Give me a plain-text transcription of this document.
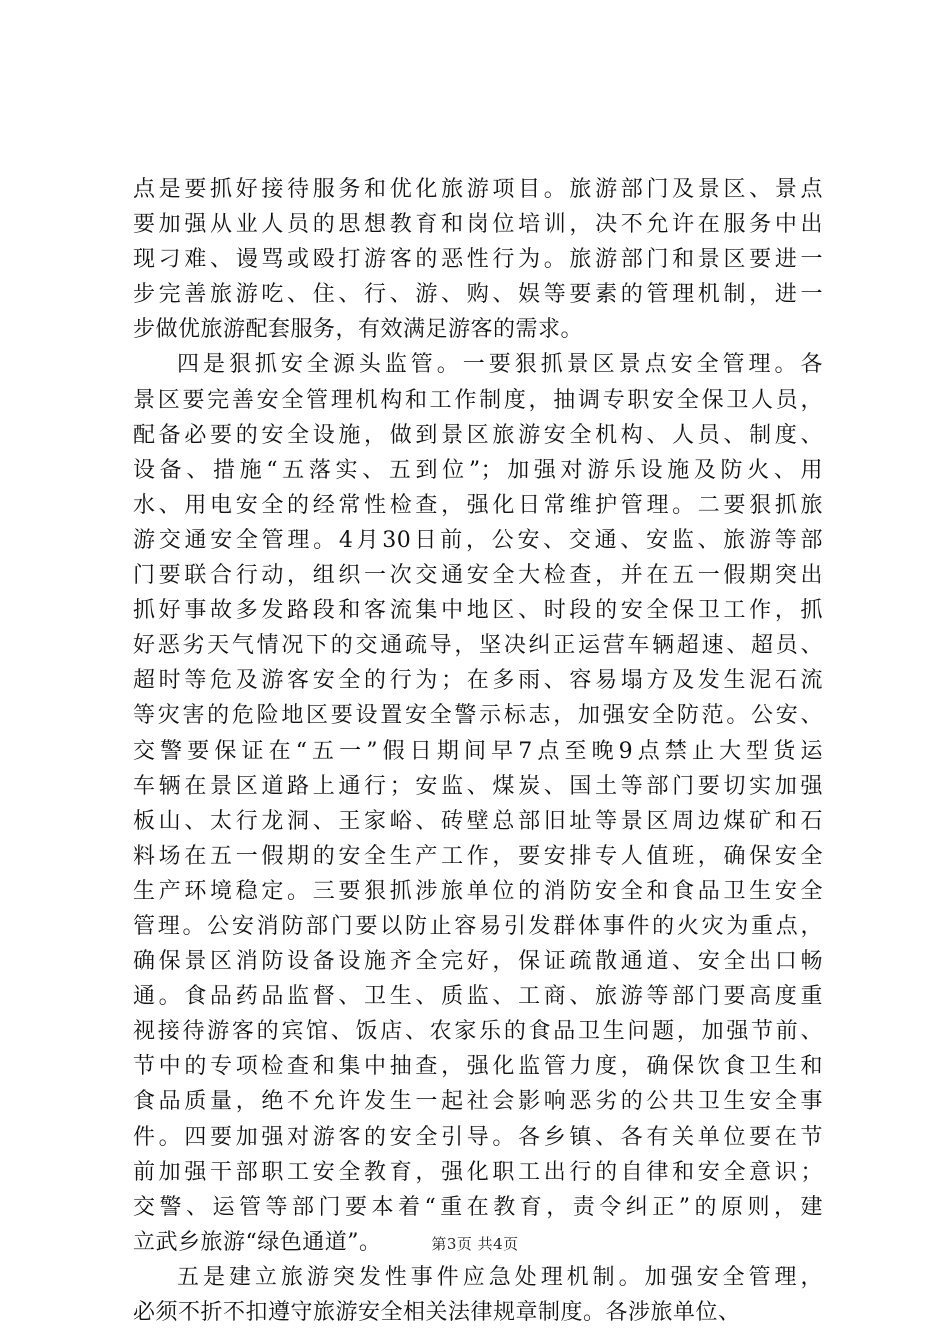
点是要抓好接待服务和优化旅游项目。旅游部门及景区、景点
要加强从业人员的思想教育和岗位培训，决不允许在服务中出
现刁难、谩骂或殴打游客的恶性行为。旅游部门和景区要进一
步完善旅游吃、住、行、游、购、娱等要素的管理机制，进一
步做优旅游配套服务，有效满足游客的需求。
四是狠抓安全源头监管。一要狠抓景区景点安全管理。各
景区要完善安全管理机构和工作制度，抽调专职安全保卫人员，
配备必要的安全设施，做到景区旅游安全机构、人员、制度、
设备、措施“五落实、五到位”；加强对游乐设施及防火、用
水、用电安全的经常性检查，强化日常维护管理。二要狠抓旅
游交通安全管理。4月30日前，公安、交通、安监、旅游等部
门要联合行动，组织一次交通安全大检查，并在五一假期突出
抓好事故多发路段和客流集中地区、时段的安全保卫工作，抓
好恶劣天气情况下的交通疏导，坚决纠正运营车辆超速、超员、
超时等危及游客安全的行为；在多雨、容易塌方及发生泥石流
等灾害的危险地区要设置安全警示标志，加强安全防范。公安、
交警要保证在“五一”假日期间早7点至晚9点禁止大型货运
车辆在景区道路上通行；安监、煤炭、国土等部门要切实加强
板山、太行龙洞、王家峪、砖壁总部旧址等景区周边煤矿和石
料场在五一假期的安全生产工作，要安排专人值班，确保安全
生产环境稳定。三要狠抓涉旅单位的消防安全和食品卫生安全
管理。公安消防部门要以防止容易引发群体事件的火灾为重点，
确保景区消防设备设施齐全完好，保证疏散通道、安全出口畅
通。食品药品监督、卫生、质监、工商、旅游等部门要高度重
视接待游客的宾馆、饭店、农家乐的食品卫生问题，加强节前、
节中的专项检查和集中抽查，强化监管力度，确保饮食卫生和
食品质量，绝不允许发生一起社会影响恶劣的公共卫生安全事
件。四要加强对游客的安全引导。各乡镇、各有关单位要在节
前加强干部职工安全教育，强化职工出行的自律和安全意识；
交警、运管等部门要本着“重在教育，责令纠正”的原则，建
立武乡旅游“绿色通道”。
五是建立旅游突发性事件应急处理机制。加强安全管理，
必须不折不扣遵守旅游安全相关法律规章制度。各涉旅单位、
第3页 共4页
